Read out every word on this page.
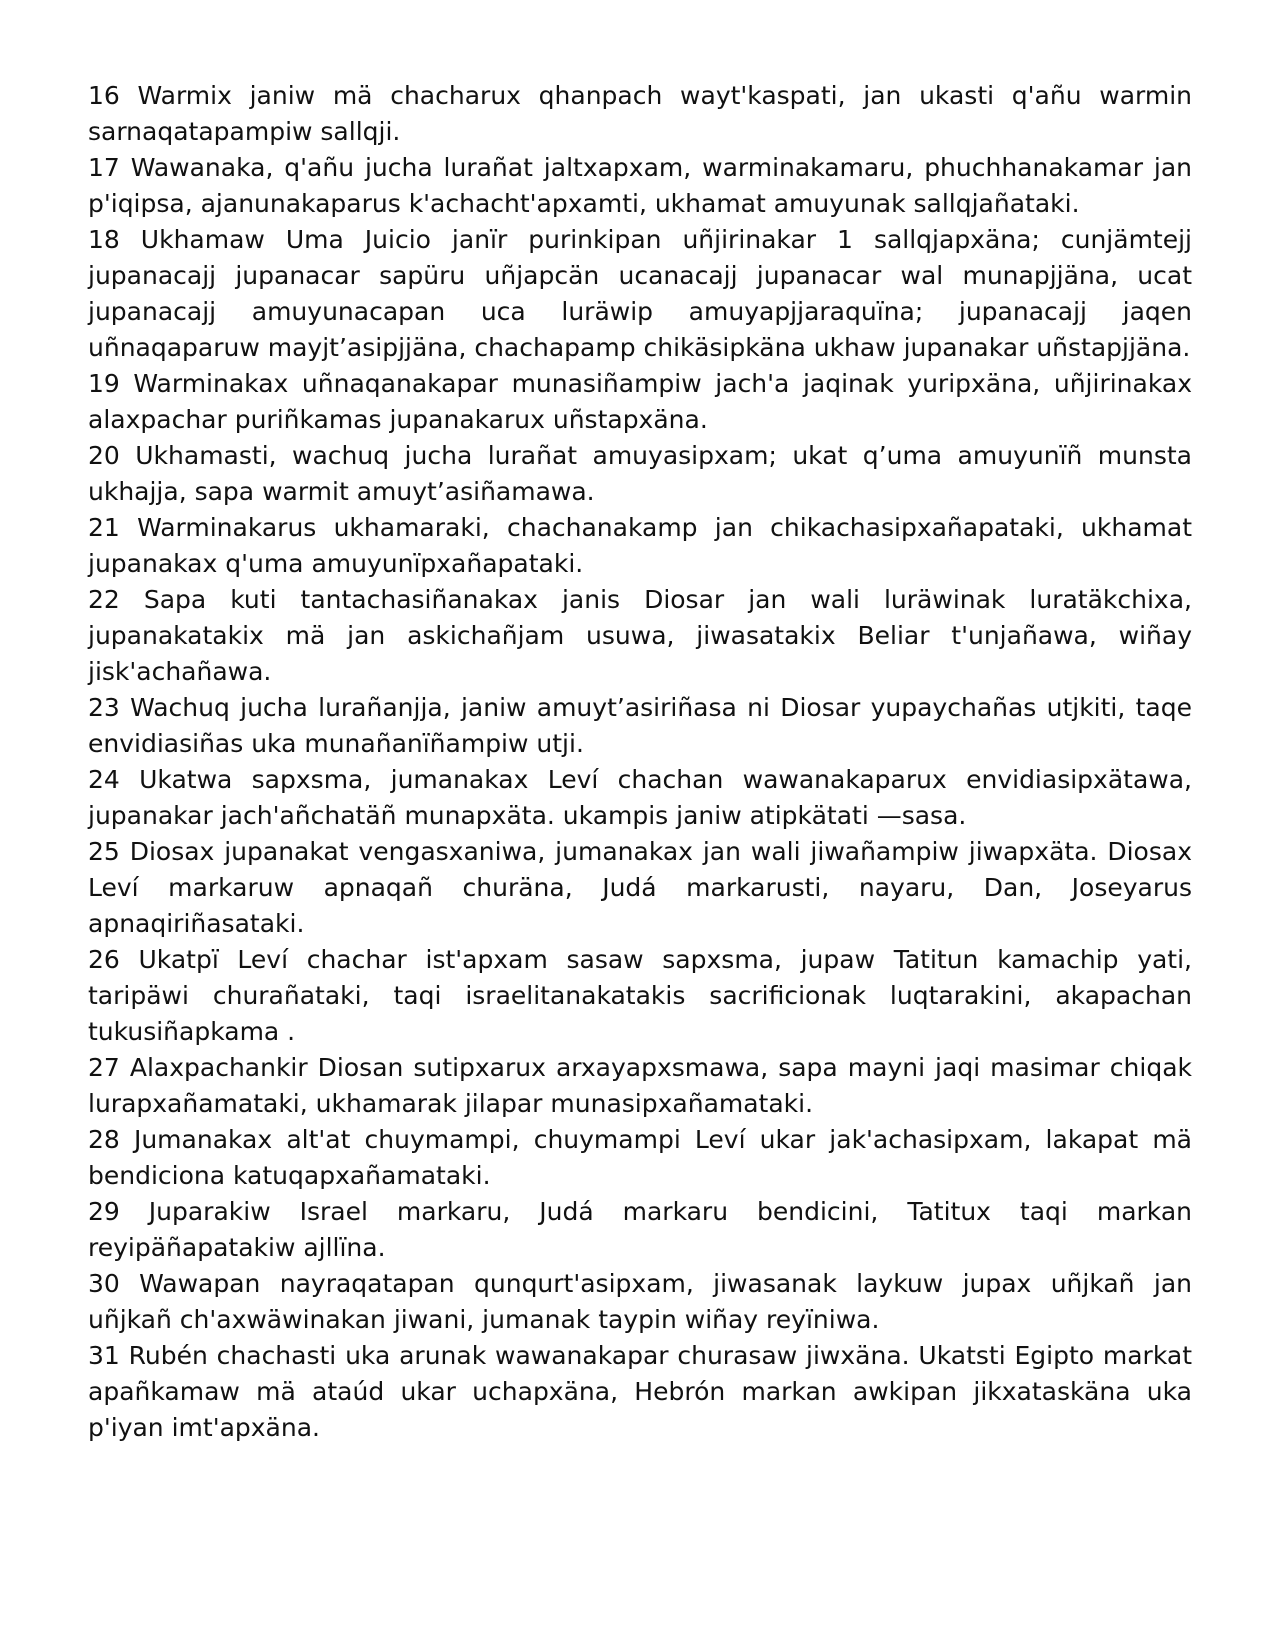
16 Warmix janiw mä chacharux qhanpach wayt'kaspati, jan ukasti q'añu warmin sarnaqatapampiw sallqji.

17 Wawanaka, q'añu jucha lurañat jaltxapxam, warminakamaru, phuchhanakamar jan p'iqipsa, ajanunakaparus k'achacht'apxamti, ukhamat amuyunak sallqjañataki.

18 Ukhamaw Uma Juicio janïr purinkipan uñjirinakar 1 sallqjapxäna; cunjämtejj jupanacajj jupanacar sapüru uñjapcän ucanacajj jupanacar wal munapjjäna, ucat jupanacajj amuyunacapan uca luräwip amuyapjjaraquïna; jupanacajj jaqen uñnaqaparuw mayjt’asipjjäna, chachapamp chikäsipkäna ukhaw jupanakar uñstapjjäna.

19 Warminakax uñnaqanakapar munasiñampiw jach'a jaqinak yuripxäna, uñjirinakax alaxpachar puriñkamas jupanakarux uñstapxäna.

20 Ukhamasti, wachuq jucha lurañat amuyasipxam; ukat q’uma amuyunïñ munsta ukhajja, sapa warmit amuyt’asiñamawa.

21 Warminakarus ukhamaraki, chachanakamp jan chikachasipxañapataki, ukhamat jupanakax q'uma amuyunïpxañapataki.

22 Sapa kuti tantachasiñanakax janis Diosar jan wali luräwinak luratäkchixa, jupanakatakix mä jan askichañjam usuwa, jiwasatakix Beliar t'unjañawa, wiñay jisk'achañawa.

23 Wachuq jucha lurañanjja, janiw amuyt’asiriñasa ni Diosar yupaychañas utjkiti, taqe envidiasiñas uka munañanïñampiw utji.

24 Ukatwa sapxsma, jumanakax Leví chachan wawanakaparux envidiasipxätawa, jupanakar jach'añchatäñ munapxäta. ukampis janiw atipkätati —sasa.

25 Diosax jupanakat vengasxaniwa, jumanakax jan wali jiwañampiw jiwapxäta. Diosax Leví markaruw apnaqañ churäna, Judá markarusti, nayaru, Dan, Joseyarus apnaqiriñasataki.

26 Ukatpï Leví chachar ist'apxam sasaw sapxsma, jupaw Tatitun kamachip yati, taripäwi churañataki, taqi israelitanakatakis sacrificionak luqtarakini, akapachan tukusiñapkama .

27 Alaxpachankir Diosan sutipxarux arxayapxsmawa, sapa mayni jaqi masimar chiqak lurapxañamataki, ukhamarak jilapar munasipxañamataki.

28 Jumanakax alt'at chuymampi, chuymampi Leví ukar jak'achasipxam, lakapat mä bendiciona katuqapxañamataki.

29 Juparakiw Israel markaru, Judá markaru bendicini, Tatitux taqi markan reyipäñapatakiw ajllïna.

30 Wawapan nayraqatapan qunqurt'asipxam, jiwasanak laykuw jupax uñjkañ jan uñjkañ ch'axwäwinakan jiwani, jumanak taypin wiñay reyïniwa.

31 Rubén chachasti uka arunak wawanakapar churasaw jiwxäna. Ukatsti Egipto markat apañkamaw mä ataúd ukar uchapxäna, Hebrón markan awkipan jikxataskäna uka p'iyan imt'apxäna.
